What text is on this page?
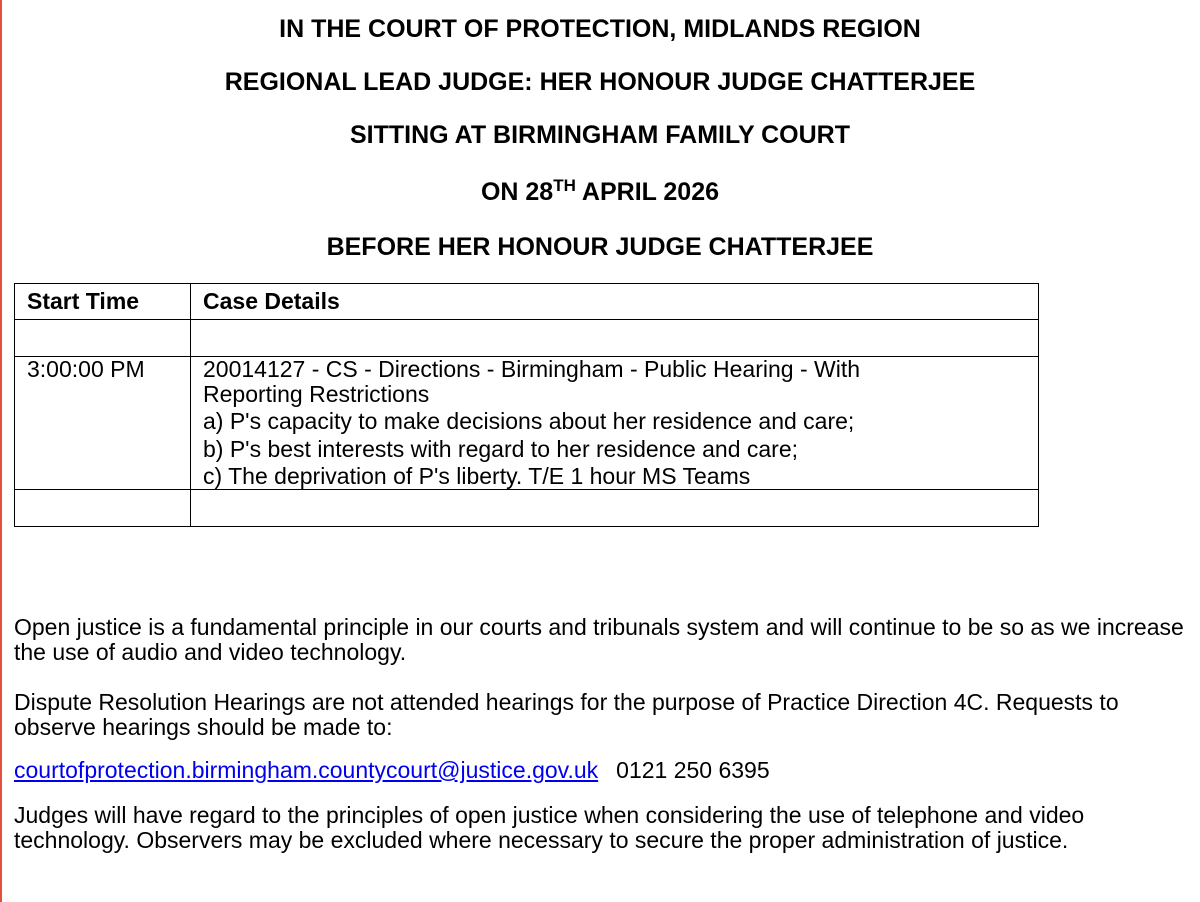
IN THE COURT OF PROTECTION, MIDLANDS REGION
REGIONAL LEAD JUDGE: HER HONOUR JUDGE CHATTERJEE
SITTING AT BIRMINGHAM FAMILY COURT
ON 28TH APRIL 2026
BEFORE HER HONOUR JUDGE CHATTERJEE
Start Time	Case Details

3:00:00 PM	20014127 - CS - Directions - Birmingham - Public Hearing - With
Reporting Restrictions
a) P's capacity to make decisions about her residence and care;
b) P's best interests with regard to her residence and care;
c) The deprivation of P's liberty. T/E 1 hour MS Teams

Open justice is a fundamental principle in our courts and tribunals system and will continue to be so as we increase the use of audio and video technology.
Dispute Resolution Hearings are not attended hearings for the purpose of Practice Direction 4C. Requests to observe hearings should be made to:
courtofprotection.birmingham.countycourt@justice.gov.uk 0121 250 6395
Judges will have regard to the principles of open justice when considering the use of telephone and video technology. Observers may be excluded where necessary to secure the proper administration of justice.
